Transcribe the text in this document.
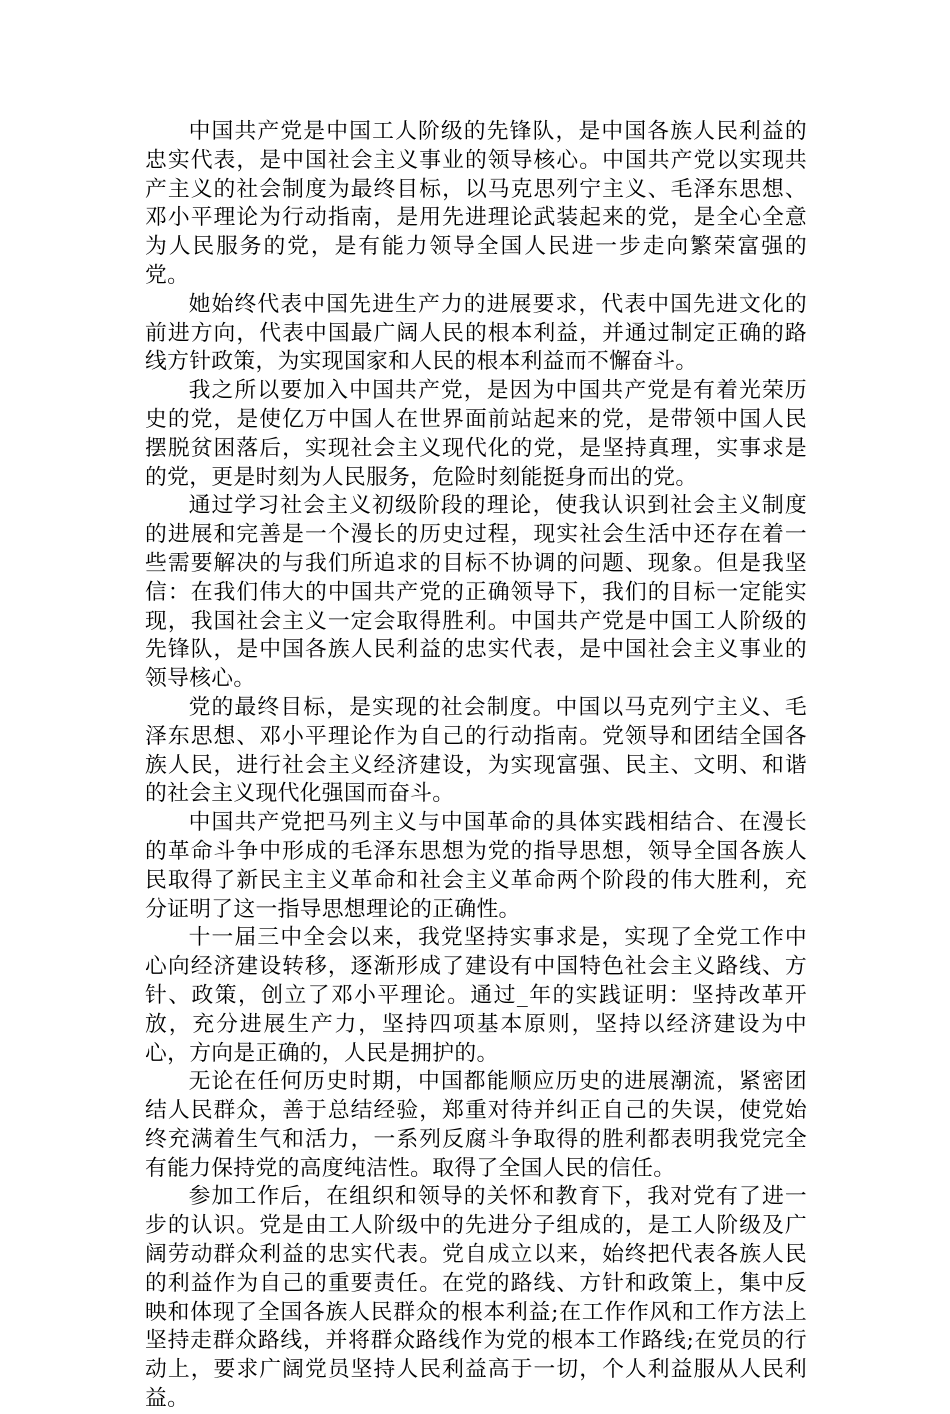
中国共产党是中国工人阶级的先锋队，是中国各族人民利益的忠实代表，是中国社会主义事业的领导核心。中国共产党以实现共产主义的社会制度为最终目标，以马克思列宁主义、毛泽东思想、邓小平理论为行动指南，是用先进理论武装起来的党，是全心全意为人民服务的党，是有能力领导全国人民进一步走向繁荣富强的党。

她始终代表中国先进生产力的进展要求，代表中国先进文化的前进方向，代表中国最广阔人民的根本利益，并通过制定正确的路线方针政策，为实现国家和人民的根本利益而不懈奋斗。

我之所以要加入中国共产党，是因为中国共产党是有着光荣历史的党，是使亿万中国人在世界面前站起来的党，是带领中国人民摆脱贫困落后，实现社会主义现代化的党，是坚持真理，实事求是的党，更是时刻为人民服务，危险时刻能挺身而出的党。

通过学习社会主义初级阶段的理论，使我认识到社会主义制度的进展和完善是一个漫长的历史过程，现实社会生活中还存在着一些需要解决的与我们所追求的目标不协调的问题、现象。但是我坚信：在我们伟大的中国共产党的正确领导下，我们的目标一定能实现，我国社会主义一定会取得胜利。中国共产党是中国工人阶级的先锋队，是中国各族人民利益的忠实代表，是中国社会主义事业的领导核心。

党的最终目标，是实现的社会制度。中国以马克列宁主义、毛泽东思想、邓小平理论作为自己的行动指南。党领导和团结全国各族人民，进行社会主义经济建设，为实现富强、民主、文明、和谐的社会主义现代化强国而奋斗。

中国共产党把马列主义与中国革命的具体实践相结合、在漫长的革命斗争中形成的毛泽东思想为党的指导思想，领导全国各族人民取得了新民主主义革命和社会主义革命两个阶段的伟大胜利，充分证明了这一指导思想理论的正确性。

十一届三中全会以来，我党坚持实事求是，实现了全党工作中心向经济建设转移，逐渐形成了建设有中国特色社会主义路线、方针、政策，创立了邓小平理论。通过_年的实践证明：坚持改革开放，充分进展生产力，坚持四项基本原则，坚持以经济建设为中心，方向是正确的，人民是拥护的。

无论在任何历史时期，中国都能顺应历史的进展潮流，紧密团结人民群众，善于总结经验，郑重对待并纠正自己的失误，使党始终充满着生气和活力，一系列反腐斗争取得的胜利都表明我党完全有能力保持党的高度纯洁性。取得了全国人民的信任。

参加工作后，在组织和领导的关怀和教育下，我对党有了进一步的认识。党是由工人阶级中的先进分子组成的，是工人阶级及广阔劳动群众利益的忠实代表。党自成立以来，始终把代表各族人民的利益作为自己的重要责任。在党的路线、方针和政策上，集中反映和体现了全国各族人民群众的根本利益;在工作作风和工作方法上坚持走群众路线，并将群众路线作为党的根本工作路线;在党员的行动上，要求广阔党员坚持人民利益高于一切，个人利益服从人民利益。
